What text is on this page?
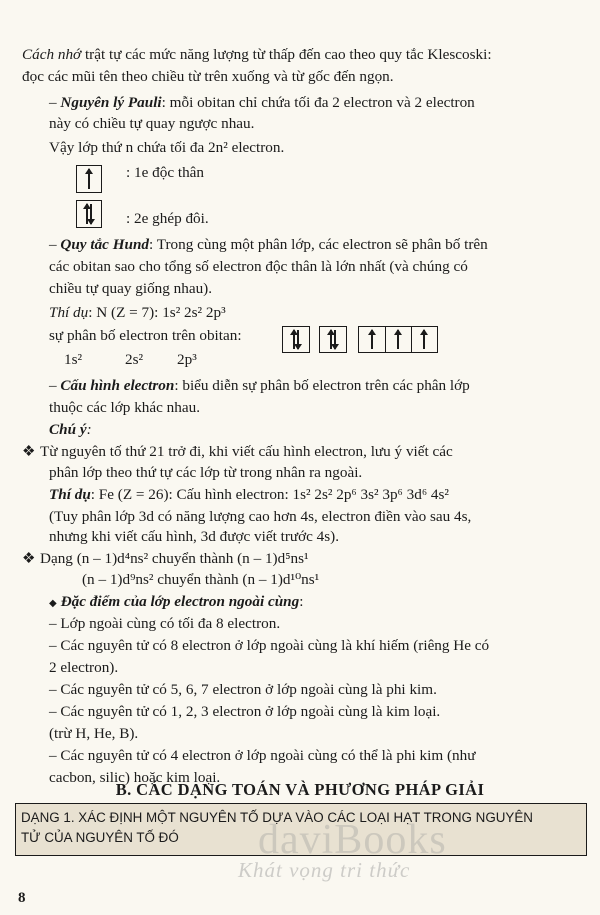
Cách nhớ trật tự các mức năng lượng từ thấp đến cao theo quy tắc Klescoski:
đọc các mũi tên theo chiều từ trên xuống và từ gốc đến ngọn.
– Nguyên lý Pauli: mỗi obitan chỉ chứa tối đa 2 electron và 2 electron
này có chiều tự quay ngược nhau.
Vậy lớp thứ n chứa tối đa 2n² electron.
: 1e độc thân
: 2e ghép đôi.
– Quy tắc Hund: Trong cùng một phân lớp, các electron sẽ phân bố trên
các obitan sao cho tổng số electron độc thân là lớn nhất (và chúng có
chiều tự quay giống nhau).
Thí dụ: N (Z = 7): 1s² 2s² 2p³
sự phân bố electron trên obitan:
1s²	2s² 2p³
– Cấu hình electron: biểu diễn sự phân bố electron trên các phân lớp
thuộc các lớp khác nhau.
Chú ý:
❖ Từ nguyên tố thứ 21 trở đi, khi viết cấu hình electron, lưu ý viết các
phân lớp theo thứ tự các lớp từ trong nhân ra ngoài.
Thí dụ: Fe (Z = 26): Cấu hình electron: 1s² 2s² 2p⁶ 3s² 3p⁶ 3d⁶ 4s²
(Tuy phân lớp 3d có năng lượng cao hơn 4s, electron điền vào sau 4s,
nhưng khi viết cấu hình, 3d được viết trước 4s).
❖ Dạng (n – 1)d⁴ns² chuyển thành (n – 1)d⁵ns¹
(n – 1)d⁹ns² chuyển thành (n – 1)d¹⁰ns¹
◆ Đặc điểm của lớp electron ngoài cùng:
– Lớp ngoài cùng có tối đa 8 electron.
– Các nguyên tử có 8 electron ở lớp ngoài cùng là khí hiếm (riêng He có
2 electron).
– Các nguyên tử có 5, 6, 7 electron ở lớp ngoài cùng là phi kim.
– Các nguyên tử có 1, 2, 3 electron ở lớp ngoài cùng là kim loại.
(trừ H, He, B).
– Các nguyên tử có 4 electron ở lớp ngoài cùng có thể là phi kim (như
cacbon, silic) hoặc kim loại.
B. CÁC DẠNG TOÁN VÀ PHƯƠNG PHÁP GIẢI
DẠNG 1. XÁC ĐỊNH MỘT NGUYÊN TỐ DỰA VÀO CÁC LOẠI HẠT TRONG NGUYÊN
TỬ CỦA NGUYÊN TỐ ĐÓ daviBooks
Khát vọng tri thức
8
